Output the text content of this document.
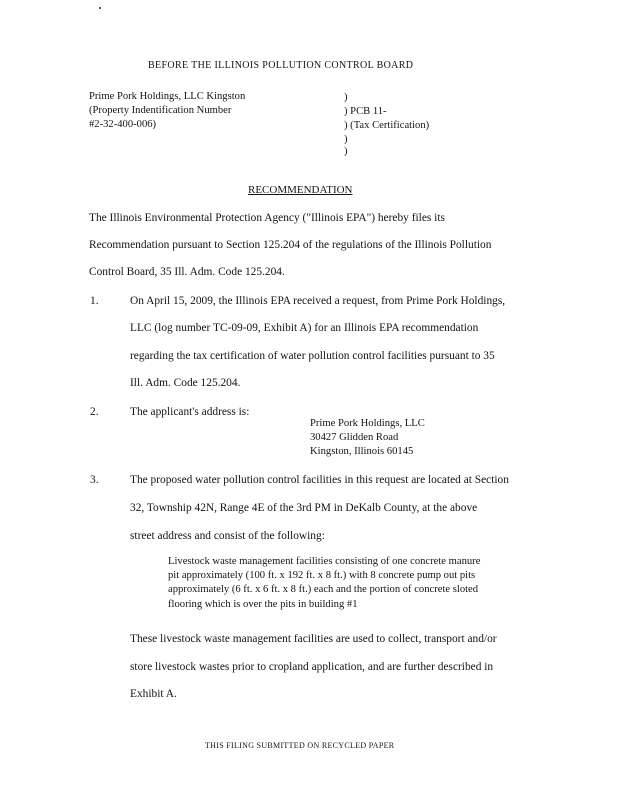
BEFORE THE ILLINOIS POLLUTION CONTROL BOARD
Prime Pork Holdings, LLC Kingston
(Property Indentification Number
#2-32-400-006)
)
) PCB 11-
) (Tax Certification)
)
)
RECOMMENDATION
The Illinois Environmental Protection Agency ("Illinois EPA") hereby files its
Recommendation pursuant to Section 125.204 of the regulations of the Illinois Pollution
Control Board, 35 Ill. Adm. Code 125.204.
1.	On April 15, 2009, the Illinois EPA received a request, from Prime Pork Holdings,
LLC (log number TC-09-09, Exhibit A) for an Illinois EPA recommendation
regarding the tax certification of water pollution control facilities pursuant to 35
Ill. Adm. Code 125.204.
2.	The applicant's address is:
Prime Pork Holdings, LLC
30427 Glidden Road
Kingston, Illinois 60145
3.	The proposed water pollution control facilities in this request are located at Section
32, Township 42N, Range 4E of the 3rd PM in DeKalb County, at the above
street address and consist of the following:
Livestock waste management facilities consisting of one concrete manure
pit approximately (100 ft. x 192 ft. x 8 ft.) with 8 concrete pump out pits
approximately (6 ft. x 6 ft. x 8 ft.) each and the portion of concrete sloted
flooring which is over the pits in building #1
These livestock waste management facilities are used to collect, transport and/or
store livestock wastes prior to cropland application, and are further described in
Exhibit A.
THIS FILING SUBMITTED ON RECYCLED PAPER
